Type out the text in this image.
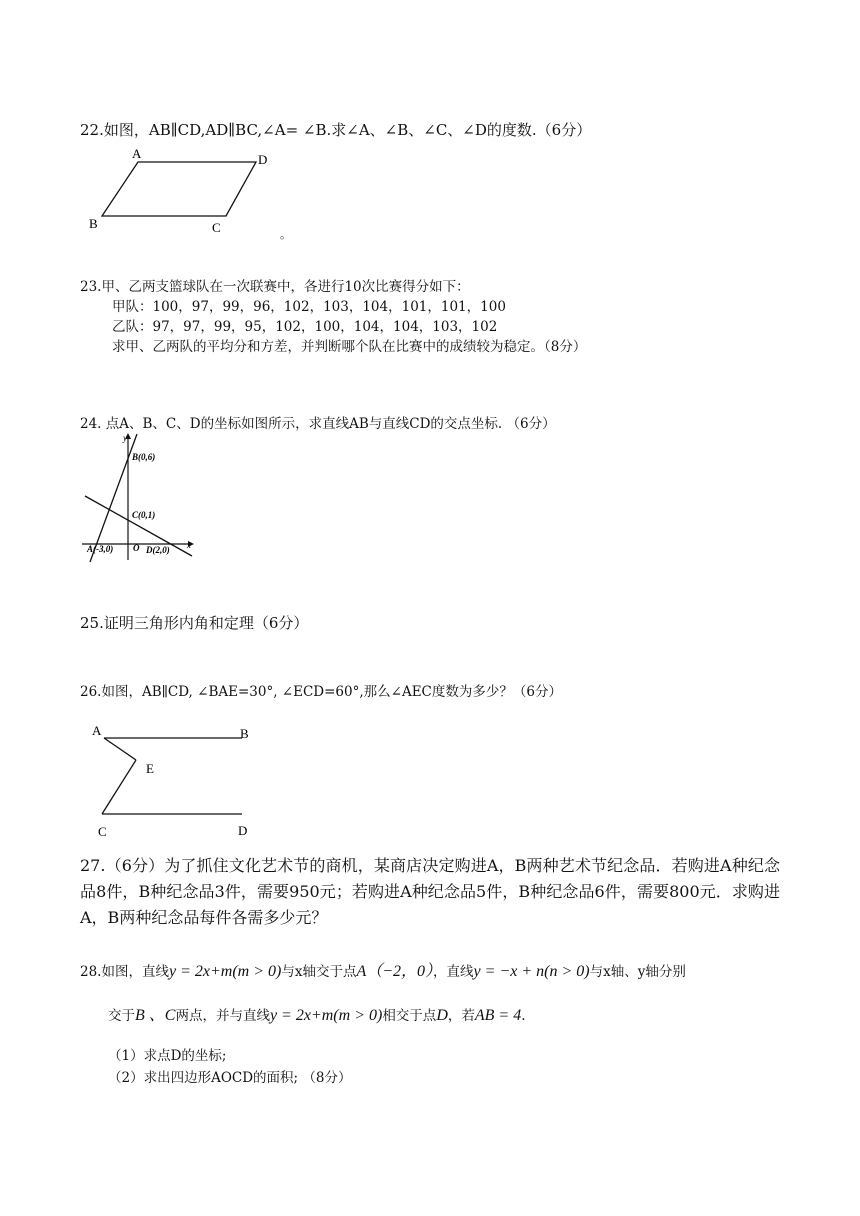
22.如图，AB∥CD,AD∥BC,∠A= ∠B.求∠A、∠B、∠C、∠D的度数.（6分）
A	D
B	C	。
23.甲、乙两支篮球队在一次联赛中，各进行10次比赛得分如下：
甲队：100，97，99，96，102，103，104，101，101，100
乙队：97，97，99，95，102，100，104，104，103，102
求甲、乙两队的平均分和方差，并判断哪个队在比赛中的成绩较为稳定。（8分）
24. 点A、B、C、D的坐标如图所示，求直线AB与直线CD的交点坐标. （6分）
y
x
B(0,6)
C(0,1)
O
A(-3,0)	D(2,0)
25.证明三角形内角和定理（6分）
26.如图，AB∥CD, ∠BAE=30°, ∠ECD=60°,那么∠AEC度数为多少？（6分）
A	B
E
C	D
27.（6分）为了抓住文化艺术节的商机，某商店决定购进A，B两种艺术节纪念品．若购进A种纪念品8件，B种纪念品3件，需要950元；若购进A种纪念品5件，B种纪念品6件，需要800元．求购进A，B两种纪念品每件各需多少元？
28.如图，直线y = 2x+m(m > 0)与x轴交于点A（−2，0），直线y = −x + n(n > 0)与x轴、y轴分别
交于B 、C两点，并与直线y = 2x+m(m > 0)相交于点D，若AB = 4.
（1）求点D的坐标;
（2）求出四边形AOCD的面积; （8分）
